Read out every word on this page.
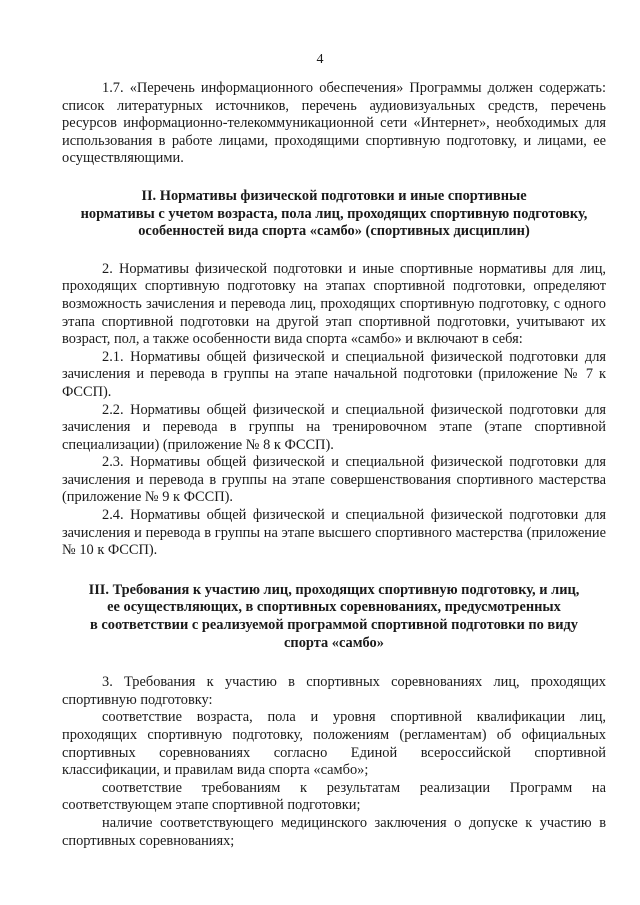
4

1.7. «Перечень информационного обеспечения» Программы должен содержать: список литературных источников, перечень аудиовизуальных средств, перечень ресурсов информационно-телекоммуникационной сети «Интернет», необходимых для использования в работе лицами, проходящими спортивную подготовку, и лицами, ее осуществляющими.

II. Нормативы физической подготовки и иные спортивные
нормативы с учетом возраста, пола лиц, проходящих спортивную подготовку,
особенностей вида спорта «самбо» (спортивных дисциплин)

2. Нормативы физической подготовки и иные спортивные нормативы для лиц, проходящих спортивную подготовку на этапах спортивной подготовки, определяют возможность зачисления и перевода лиц, проходящих спортивную подготовку, с одного этапа спортивной подготовки на другой этап спортивной подготовки, учитывают их возраст, пол, а также особенности вида спорта «самбо» и включают в себя:

2.1. Нормативы общей физической и специальной физической подготовки для зачисления и перевода в группы на этапе начальной подготовки (приложение № 7 к ФССП).

2.2. Нормативы общей физической и специальной физической подготовки для зачисления и перевода в группы на тренировочном этапе (этапе спортивной специализации) (приложение № 8 к ФССП).

2.3. Нормативы общей физической и специальной физической подготовки для зачисления и перевода в группы на этапе совершенствования спортивного мастерства (приложение № 9 к ФССП).

2.4. Нормативы общей физической и специальной физической подготовки для зачисления и перевода в группы на этапе высшего спортивного мастерства (приложение № 10 к ФССП).

III. Требования к участию лиц, проходящих спортивную подготовку, и лиц,
ее осуществляющих, в спортивных соревнованиях, предусмотренных
в соответствии с реализуемой программой спортивной подготовки по виду
спорта «самбо»

3. Требования к участию в спортивных соревнованиях лиц, проходящих спортивную подготовку:

соответствие возраста, пола и уровня спортивной квалификации лиц, проходящих спортивную подготовку, положениям (регламентам) об официальных спортивных соревнованиях согласно Единой всероссийской спортивной классификации, и правилам вида спорта «самбо»;

соответствие требованиям к результатам реализации Программ на соответствующем этапе спортивной подготовки;

наличие соответствующего медицинского заключения о допуске к участию в спортивных соревнованиях;
